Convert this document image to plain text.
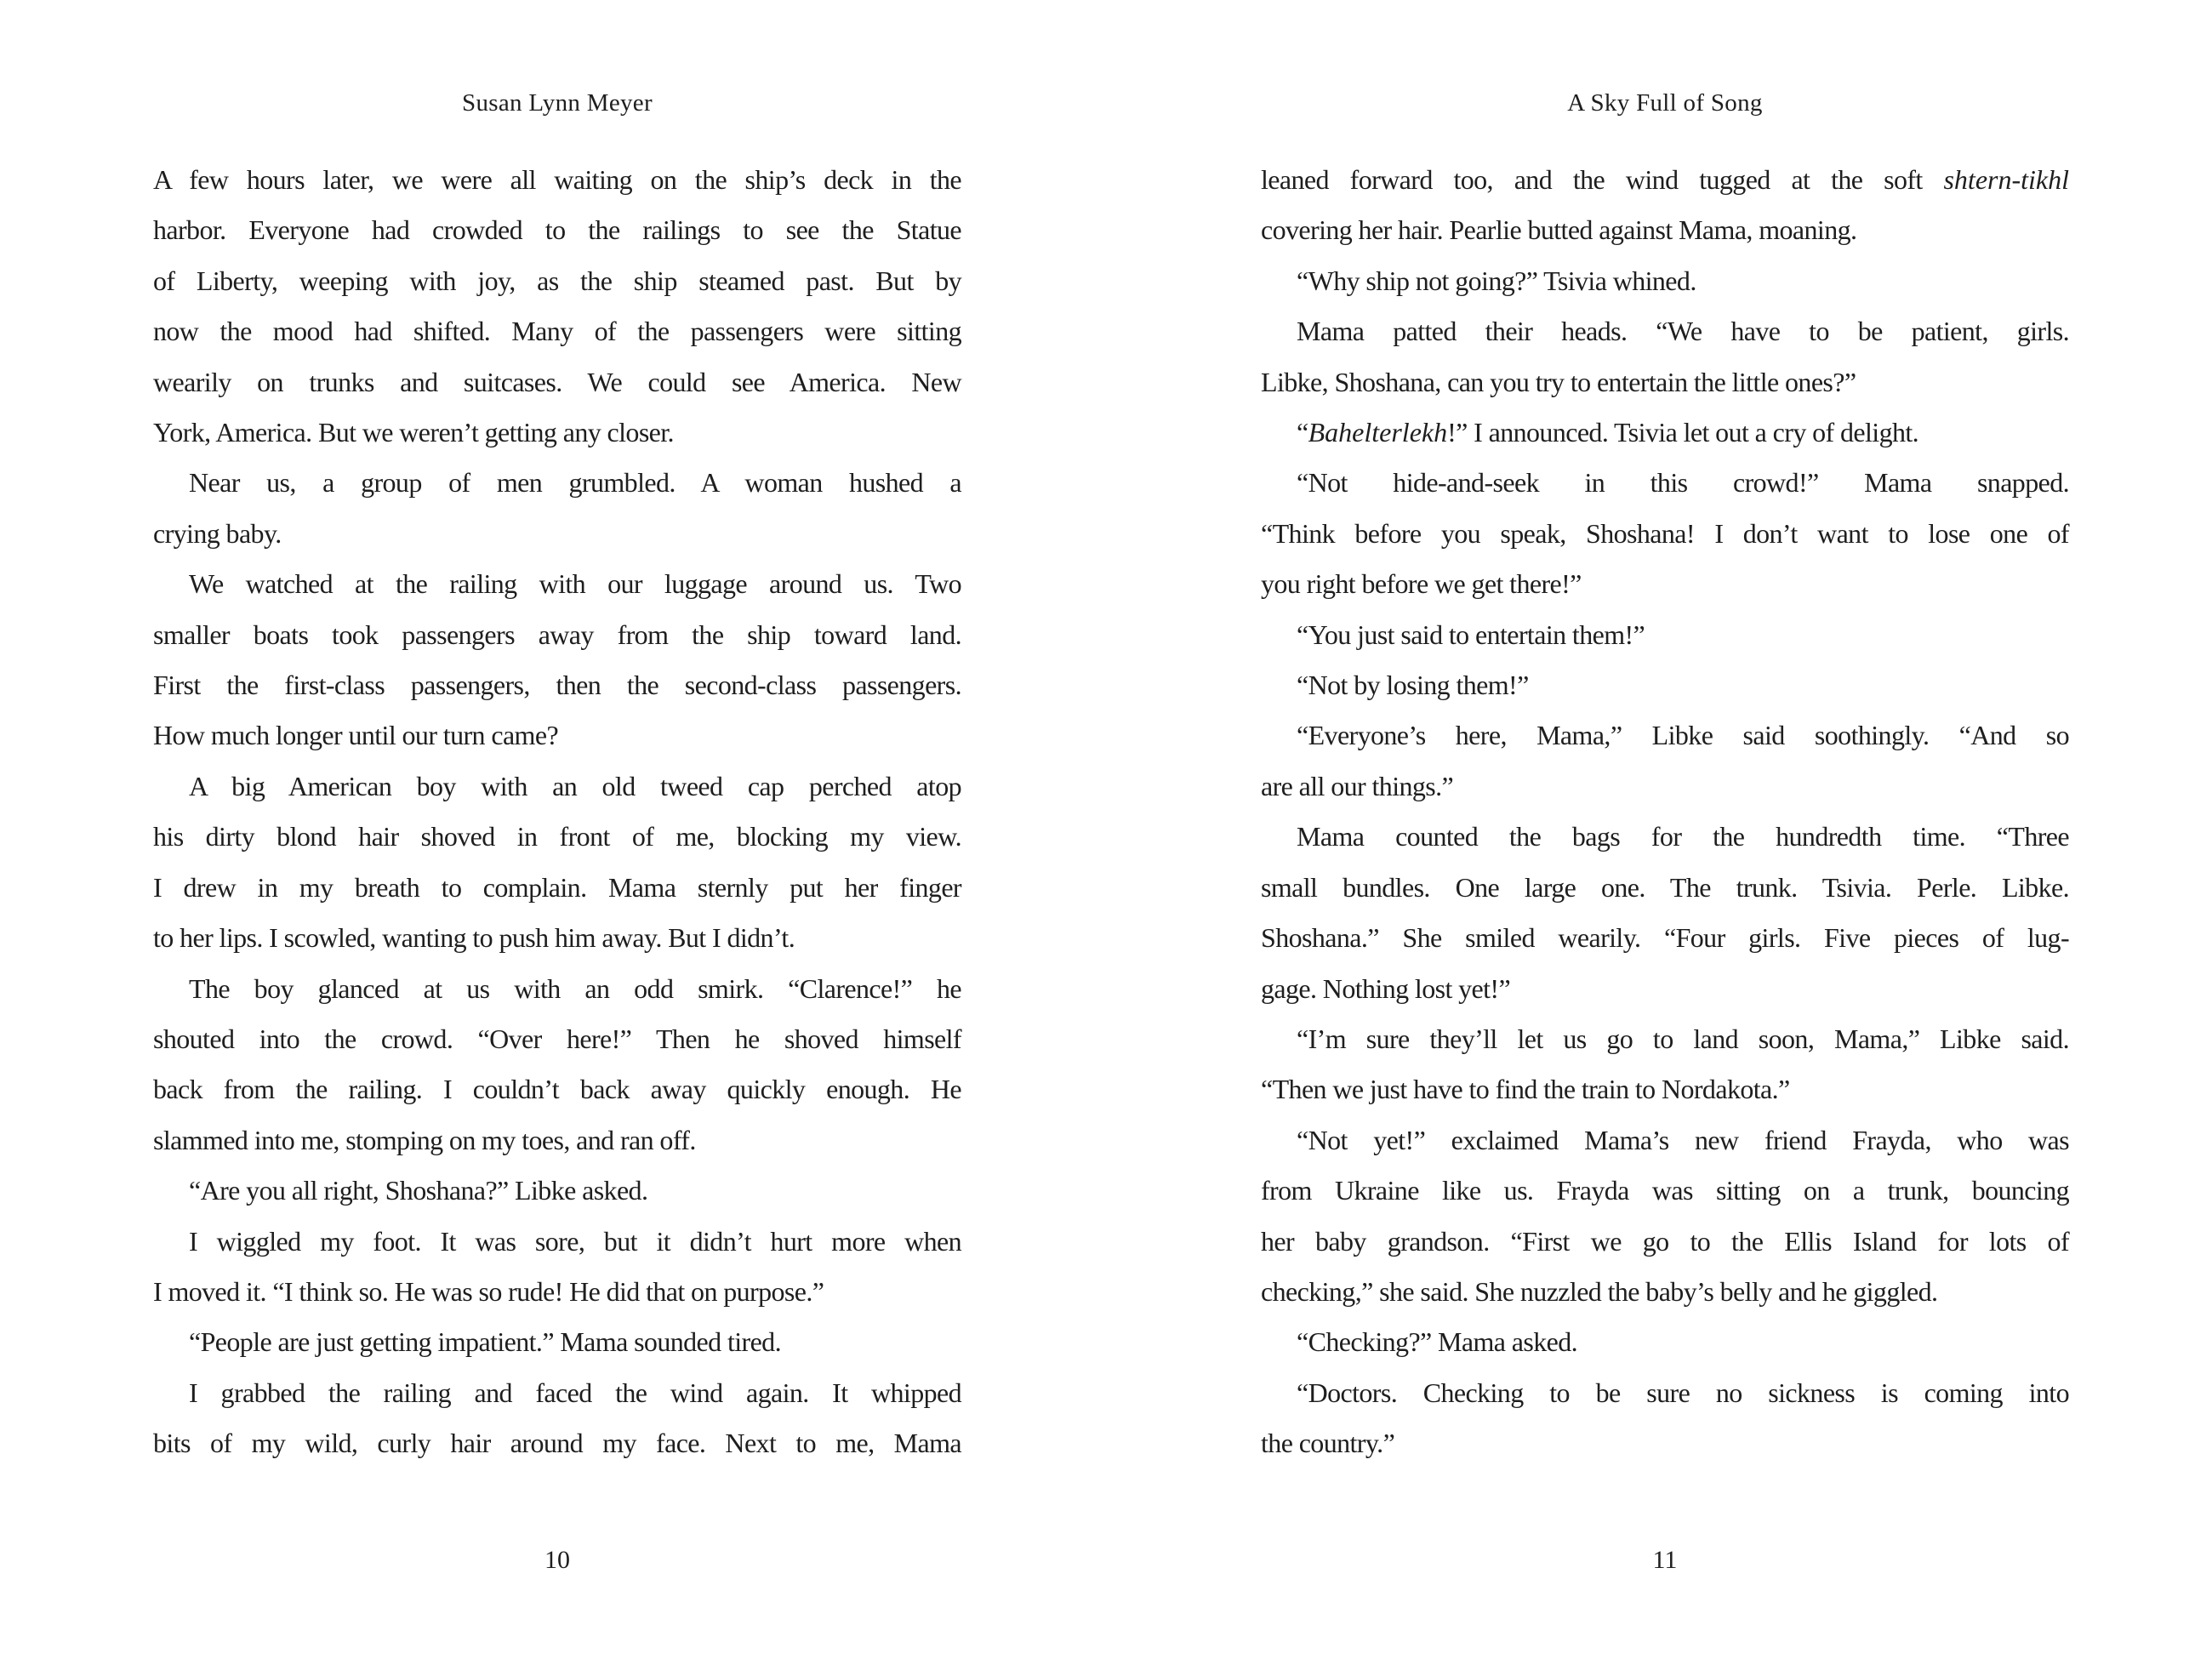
Susan Lynn Meyer	A Sky Full of Song
A few hours later, we were all waiting on the ship’s deck in the
harbor. Everyone had crowded to the railings to see the Statue
of Liberty, weeping with joy, as the ship steamed past. But by
now the mood had shifted. Many of the passengers were sitting
wearily on trunks and suitcases. We could see America. New
York, America. But we weren’t getting any closer.
Near us, a group of men grumbled. A woman hushed a
crying baby.
We watched at the railing with our luggage around us. Two
smaller boats took passengers away from the ship toward land.
First the first-class passengers, then the second-class passengers.
How much longer until our turn came?
A big American boy with an old tweed cap perched atop
his dirty blond hair shoved in front of me, blocking my view.
I drew in my breath to complain. Mama sternly put her finger
to her lips. I scowled, wanting to push him away. But I didn’t.
The boy glanced at us with an odd smirk. “Clarence!” he
shouted into the crowd. “Over here!” Then he shoved himself
back from the railing. I couldn’t back away quickly enough. He
slammed into me, stomping on my toes, and ran off.
“Are you all right, Shoshana?” Libke asked.
I wiggled my foot. It was sore, but it didn’t hurt more when
I moved it. “I think so. He was so rude! He did that on purpose.”
“People are just getting impatient.” Mama sounded tired.
I grabbed the railing and faced the wind again. It whipped
bits of my wild, curly hair around my face. Next to me, Mama
leaned forward too, and the wind tugged at the soft shtern-tikhl
covering her hair. Pearlie butted against Mama, moaning.
“Why ship not going?” Tsivia whined.
Mama patted their heads. “We have to be patient, girls.
Libke, Shoshana, can you try to entertain the little ones?”
“Bahelterlekh!” I announced. Tsivia let out a cry of delight.
“Not hide-and-seek in this crowd!” Mama snapped.
“Think before you speak, Shoshana! I don’t want to lose one of
you right before we get there!”
“You just said to entertain them!”
“Not by losing them!”
“Everyone’s here, Mama,” Libke said soothingly. “And so
are all our things.”
Mama counted the bags for the hundredth time. “Three
small bundles. One large one. The trunk. Tsivia. Perle. Libke.
Shoshana.” She smiled wearily. “Four girls. Five pieces of lug-
gage. Nothing lost yet!”
“I’m sure they’ll let us go to land soon, Mama,” Libke said.
“Then we just have to find the train to Nordakota.”
“Not yet!” exclaimed Mama’s new friend Frayda, who was
from Ukraine like us. Frayda was sitting on a trunk, bouncing
her baby grandson. “First we go to the Ellis Island for lots of
checking,” she said. She nuzzled the baby’s belly and he giggled.
“Checking?” Mama asked.
“Doctors. Checking to be sure no sickness is coming into
the country.”
10	11
